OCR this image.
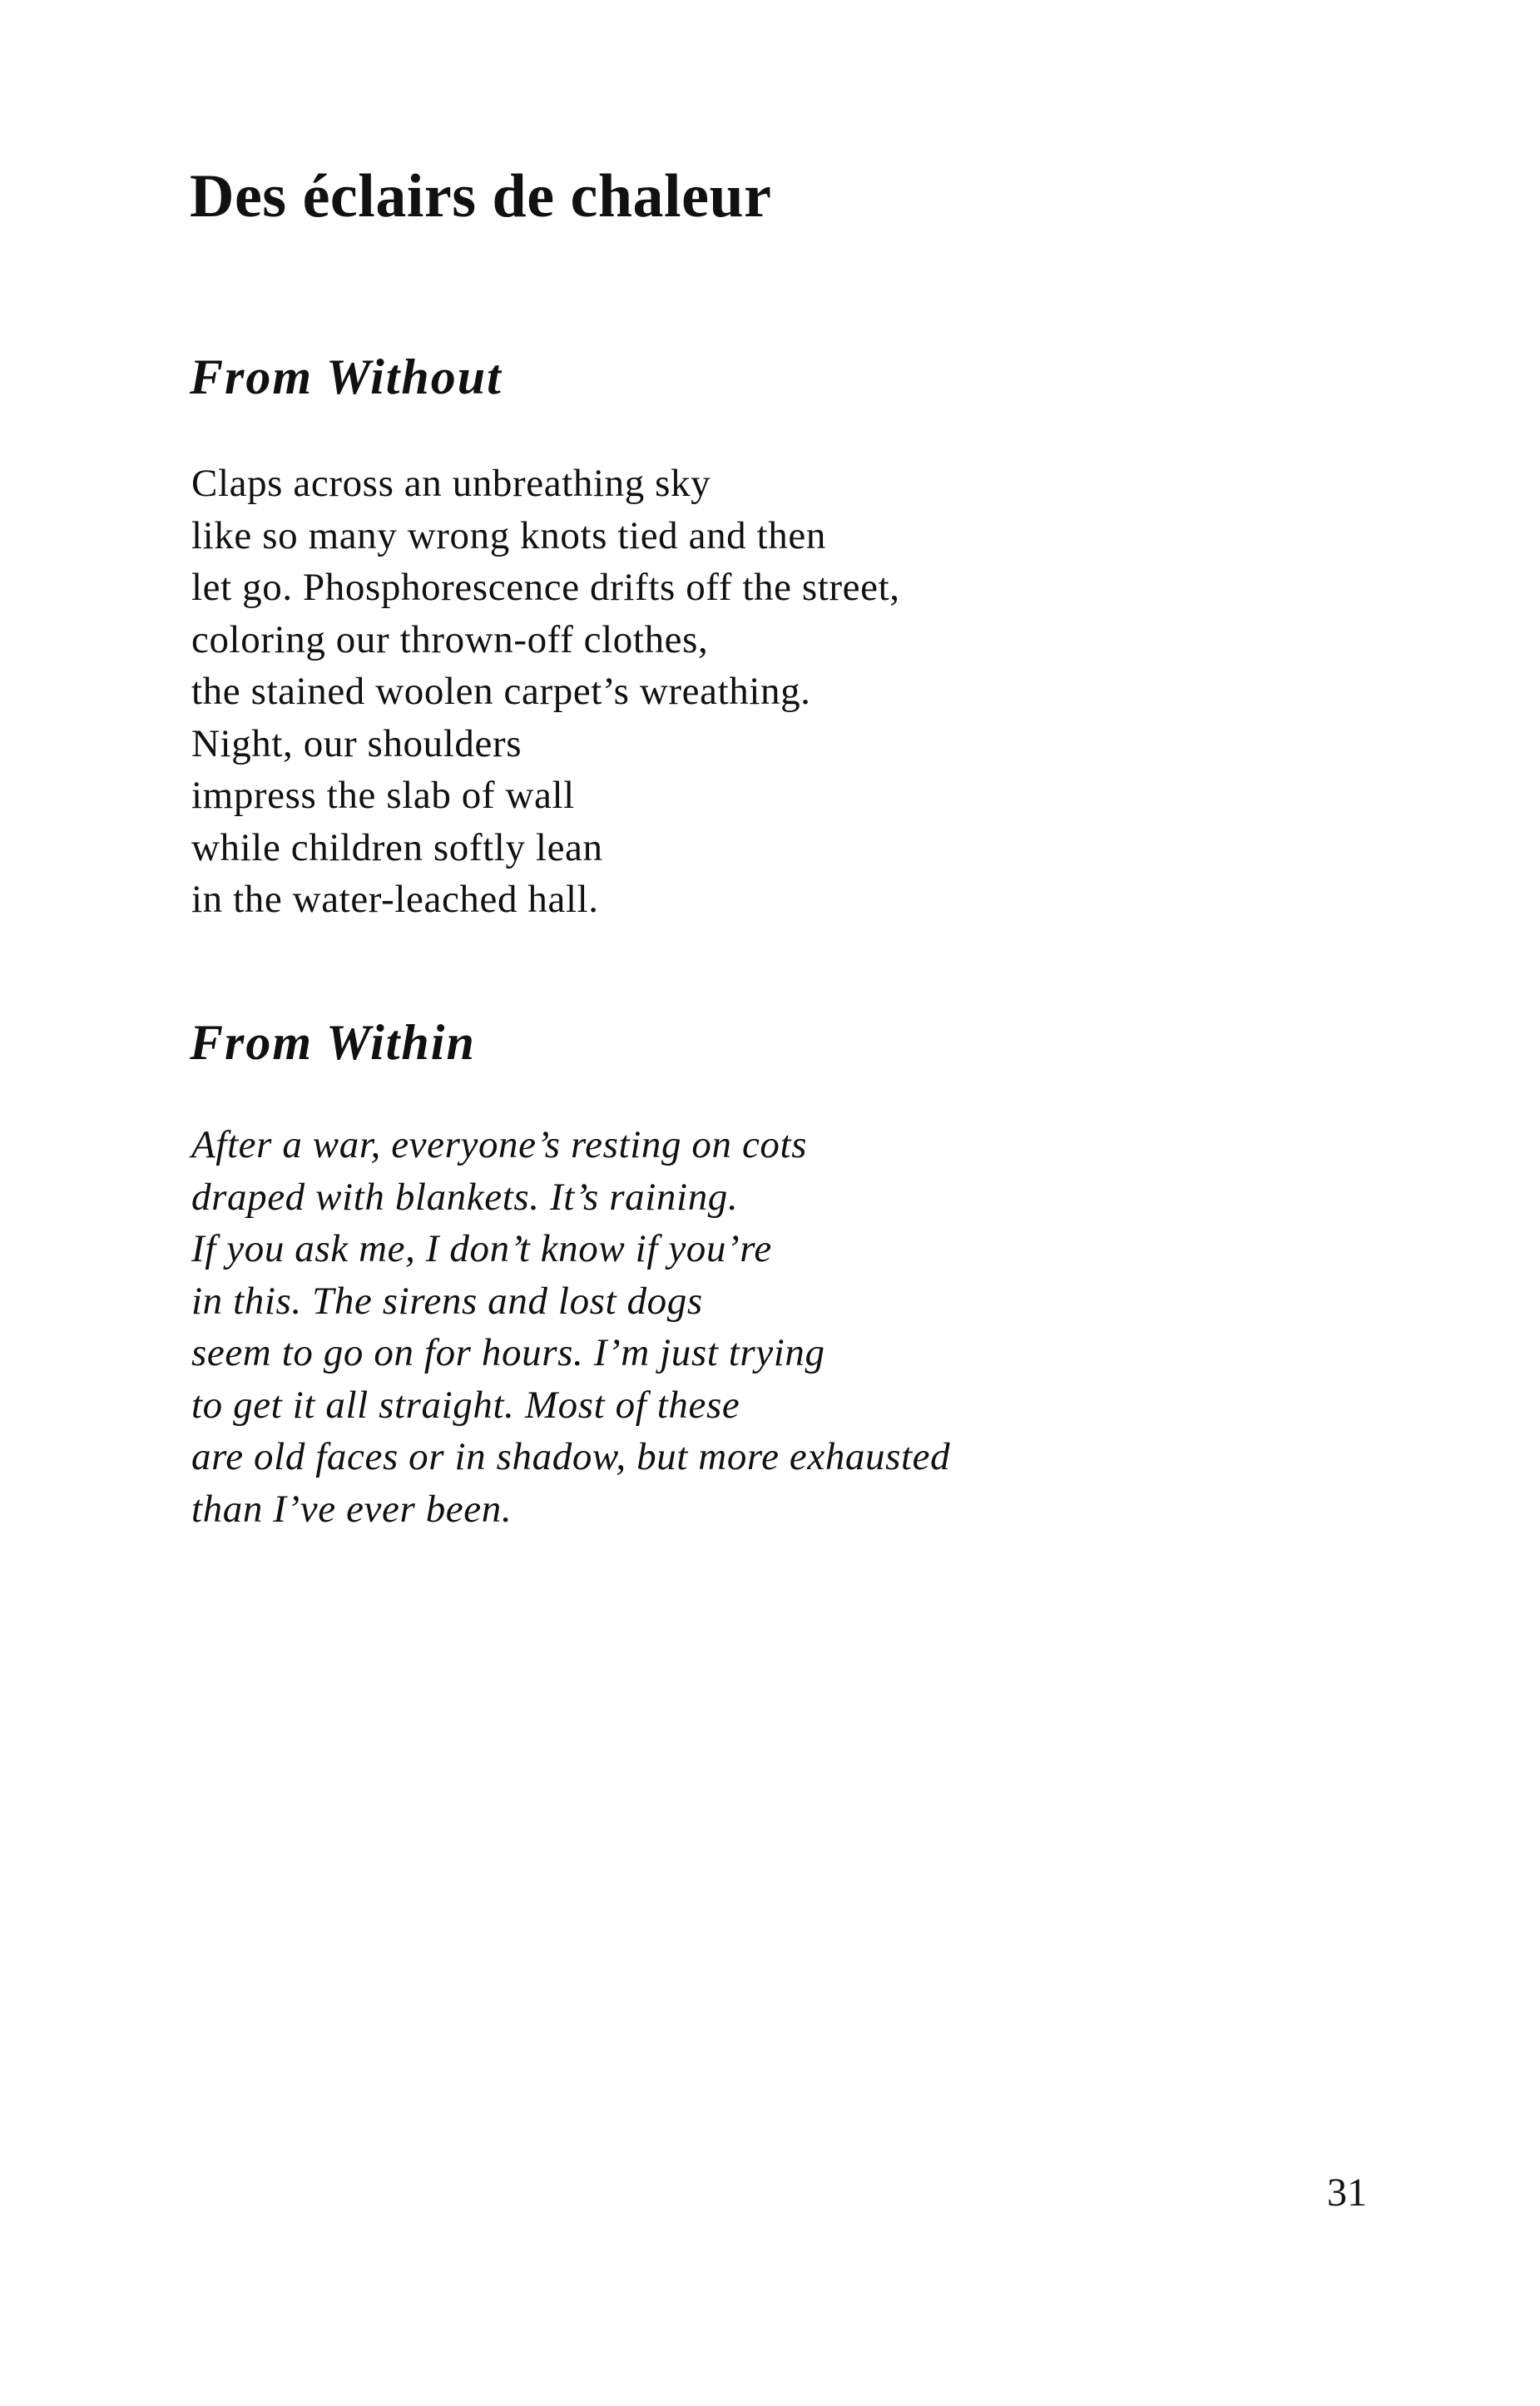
Des éclairs de chaleur
From Without
Claps across an unbreathing sky
like so many wrong knots tied and then
let go. Phosphorescence drifts off the street,
coloring our thrown-off clothes,
the stained woolen carpet’s wreathing.
Night, our shoulders
impress the slab of wall
while children softly lean
in the water-leached hall.
From Within
After a war, everyone’s resting on cots
draped with blankets. It’s raining.
If you ask me, I don’t know if you’re
in this. The sirens and lost dogs
seem to go on for hours. I’m just trying
to get it all straight. Most of these
are old faces or in shadow, but more exhausted
than I’ve ever been.
31
